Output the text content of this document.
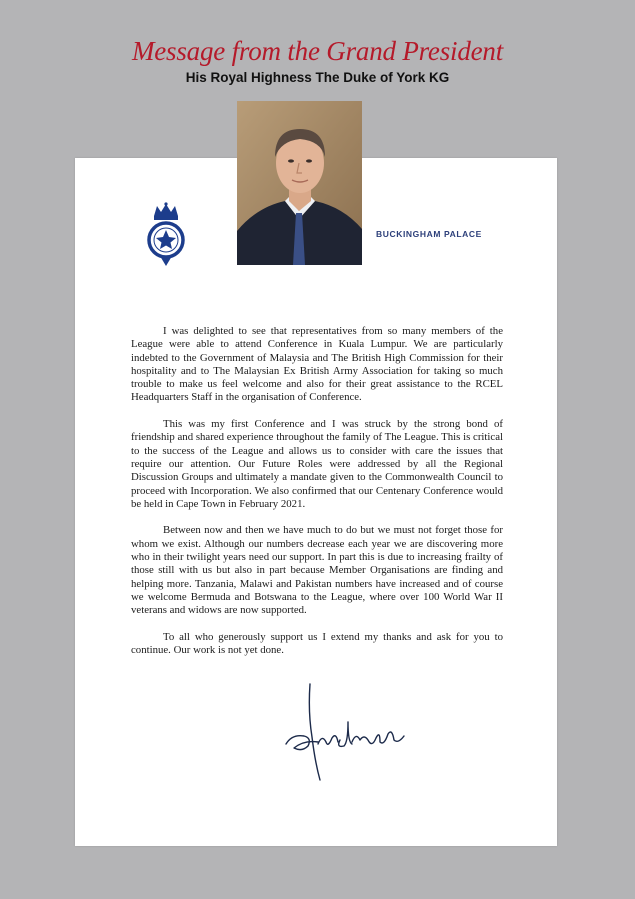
Message from the Grand President
His Royal Highness The Duke of York KG
BUCKINGHAM PALACE

I was delighted to see that representatives from so many members of the League were able to attend Conference in Kuala Lumpur. We are particularly indebted to the Government of Malaysia and The British High Commission for their hospitality and to The Malaysian Ex British Army Association for taking so much trouble to make us feel welcome and also for their great assistance to the RCEL Headquarters Staff in the organisation of Conference.

This was my first Conference and I was struck by the strong bond of friendship and shared experience throughout the family of The League. This is critical to the success of the League and allows us to consider with care the issues that require our attention. Our Future Roles were addressed by all the Regional Discussion Groups and ultimately a mandate given to the Commonwealth Council to proceed with Incorporation. We also confirmed that our Centenary Conference would be held in Cape Town in February 2021.

Between now and then we have much to do but we must not forget those for whom we exist. Although our numbers decrease each year we are discovering more who in their twilight years need our support. In part this is due to increasing frailty of those still with us but also in part because Member Organisations are finding and helping more. Tanzania, Malawi and Pakistan numbers have increased and of course we welcome Bermuda and Botswana to the League, where over 100 World War II veterans and widows are now supported.

To all who generously support us I extend my thanks and ask for you to continue. Our work is not yet done.
